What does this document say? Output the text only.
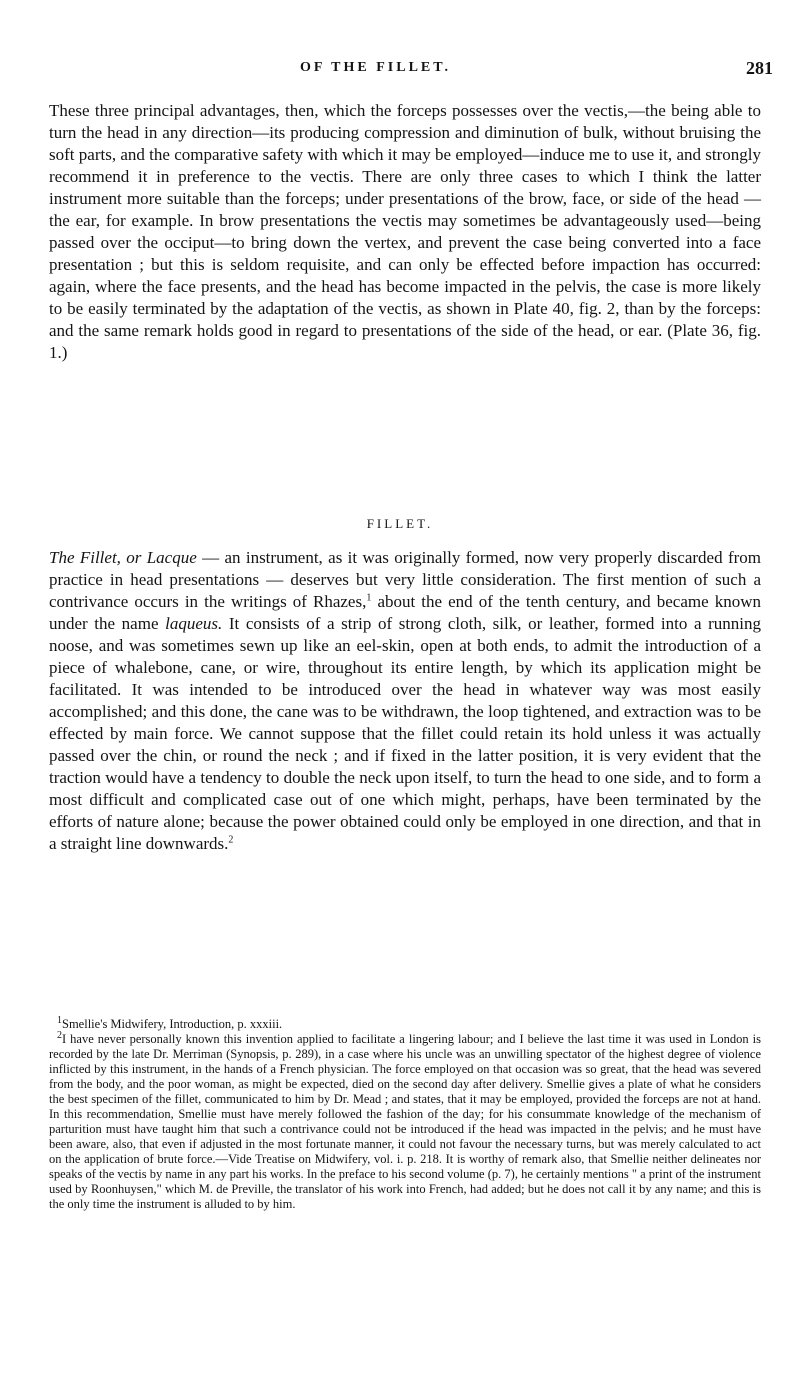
OF THE FILLET.	281

These three principal advantages, then, which the forceps possesses over the vectis,—the being able to turn the head in any direction—its producing compression and diminution of bulk, without bruising the soft parts, and the comparative safety with which it may be employed—induce me to use it, and strongly recommend it in preference to the vectis. There are only three cases to which I think the latter instrument more suitable than the forceps; under presentations of the brow, face, or side of the head — the ear, for example. In brow presentations the vectis may sometimes be advantageously used—being passed over the occiput—to bring down the vertex, and prevent the case being converted into a face presentation ; but this is seldom requisite, and can only be effected before impaction has occurred: again, where the face presents, and the head has become impacted in the pelvis, the case is more likely to be easily terminated by the adaptation of the vectis, as shown in Plate 40, fig. 2, than by the forceps: and the same remark holds good in regard to presentations of the side of the head, or ear. (Plate 36, fig. 1.)

FILLET.

The Fillet, or Lacque — an instrument, as it was originally formed, now very properly discarded from practice in head presentations — deserves but very little consideration. The first mention of such a contrivance occurs in the writings of Rhazes,$^1$ about the end of the tenth century, and became known under the name laqueus. It consists of a strip of strong cloth, silk, or leather, formed into a running noose, and was sometimes sewn up like an eel-skin, open at both ends, to admit the introduction of a piece of whalebone, cane, or wire, throughout its entire length, by which its application might be facilitated. It was intended to be introduced over the head in whatever way was most easily accomplished; and this done, the cane was to be withdrawn, the loop tightened, and extraction was to be effected by main force. We cannot suppose that the fillet could retain its hold unless it was actually passed over the chin, or round the neck ; and if fixed in the latter position, it is very evident that the traction would have a tendency to double the neck upon itself, to turn the head to one side, and to form a most difficult and complicated case out of one which might, perhaps, have been terminated by the efforts of nature alone; because the power obtained could only be employed in one direction, and that in a straight line downwards.$^2$

$^1$Smellie's Midwifery, Introduction, p. xxxiii.

$^2$I have never personally known this invention applied to facilitate a lingering labour; and I believe the last time it was used in London is recorded by the late Dr. Merriman (Synopsis, p. 289), in a case where his uncle was an unwilling spectator of the highest degree of violence inflicted by this instrument, in the hands of a French physician. The force employed on that occasion was so great, that the head was severed from the body, and the poor woman, as might be expected, died on the second day after delivery. Smellie gives a plate of what he considers the best specimen of the fillet, communicated to him by Dr. Mead ; and states, that it may be employed, provided the forceps are not at hand. In this recommendation, Smellie must have merely followed the fashion of the day; for his consummate knowledge of the mechanism of parturition must have taught him that such a contrivance could not be introduced if the head was impacted in the pelvis; and he must have been aware, also, that even if adjusted in the most fortunate manner, it could not favour the necessary turns, but was merely calculated to act on the application of brute force.—Vide Treatise on Midwifery, vol. i. p. 218. It is worthy of remark also, that Smellie neither delineates nor speaks of the vectis by name in any part his works. In the preface to his second volume (p. 7), he certainly mentions " a print of the instrument used by Roonhuysen," which M. de Preville, the translator of his work into French, had added; but he does not call it by any name; and this is the only time the instrument is alluded to by him.
